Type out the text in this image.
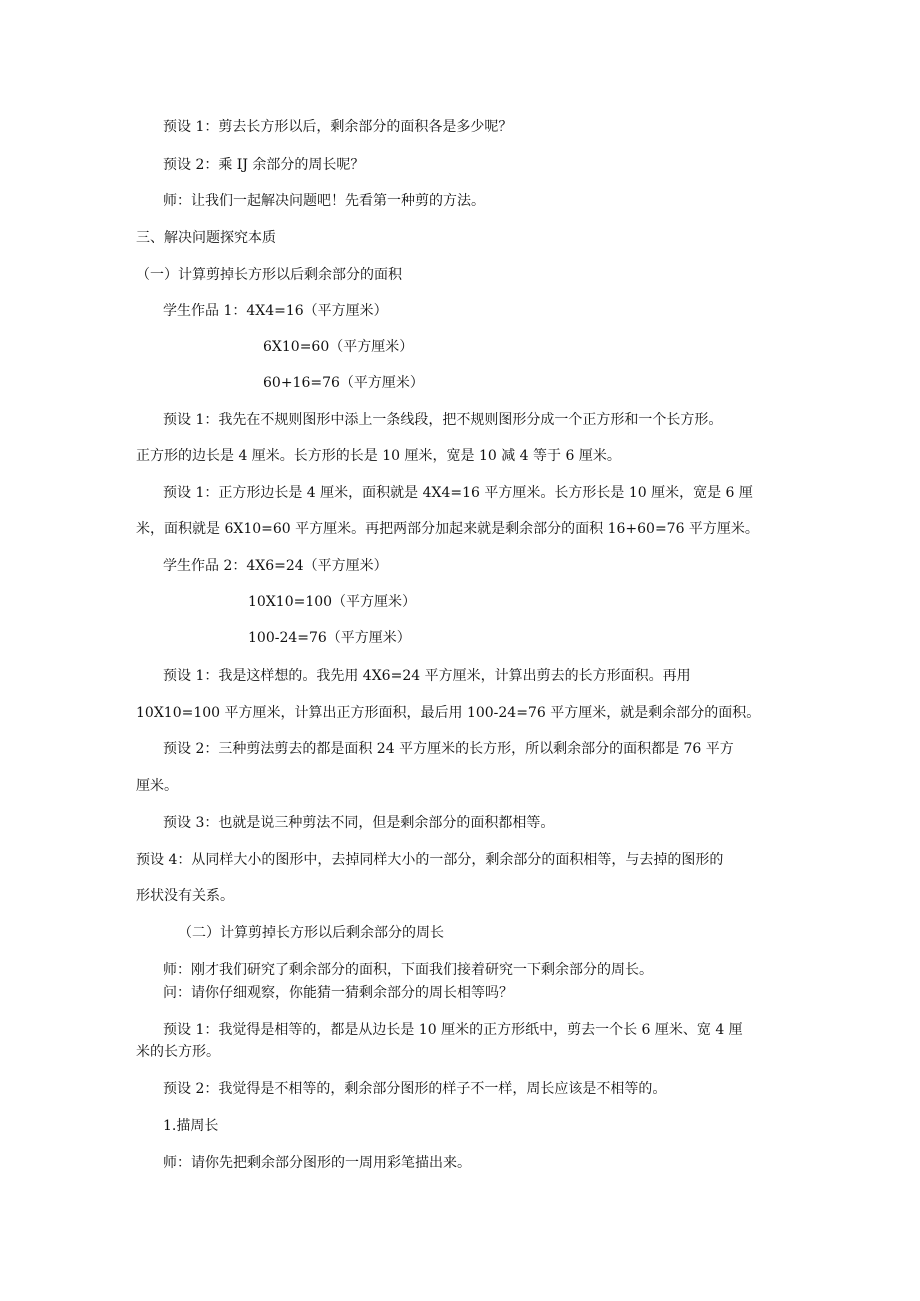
预设 1：剪去长方形以后，剩余部分的面积各是多少呢？
预设 2：乘 IJ 余部分的周长呢？
师：让我们一起解决问题吧！先看第一种剪的方法。
三、解决问题探究本质
（一）计算剪掉长方形以后剩余部分的面积
学生作品 1：4X4=16（平方厘米）
6X10=60（平方厘米）
60+16=76（平方厘米）
预设 1：我先在不规则图形中添上一条线段，把不规则图形分成一个正方形和一个长方形。
正方形的边长是 4 厘米。长方形的长是 10 厘米，宽是 10 减 4 等于 6 厘米。
预设 1：正方形边长是 4 厘米，面积就是 4X4=16 平方厘米。长方形长是 10 厘米，宽是 6 厘
米，面积就是 6X10=60 平方厘米。再把两部分加起来就是剩余部分的面积 16+60=76 平方厘米。
学生作品 2：4X6=24（平方厘米）
10X10=100（平方厘米）
100-24=76（平方厘米）
预设 1：我是这样想的。我先用 4X6=24 平方厘米，计算出剪去的长方形面积。再用
10X10=100 平方厘米，计算出正方形面积，最后用 100-24=76 平方厘米，就是剩余部分的面积。
预设 2：三种剪法剪去的都是面积 24 平方厘米的长方形，所以剩余部分的面积都是 76 平方
厘米。
预设 3：也就是说三种剪法不同，但是剩余部分的面积都相等。
预设 4：从同样大小的图形中，去掉同样大小的一部分，剩余部分的面积相等，与去掉的图形的
形状没有关系。
（二）计算剪掉长方形以后剩余部分的周长
师：刚才我们研究了剩余部分的面积，下面我们接着研究一下剩余部分的周长。
问：请你仔细观察，你能猜一猜剩余部分的周长相等吗？
预设 1：我觉得是相等的，都是从边长是 10 厘米的正方形纸中，剪去一个长 6 厘米、宽 4 厘
米的长方形。
预设 2：我觉得是不相等的，剩余部分图形的样子不一样，周长应该是不相等的。
1.描周长
师：请你先把剩余部分图形的一周用彩笔描出来。
